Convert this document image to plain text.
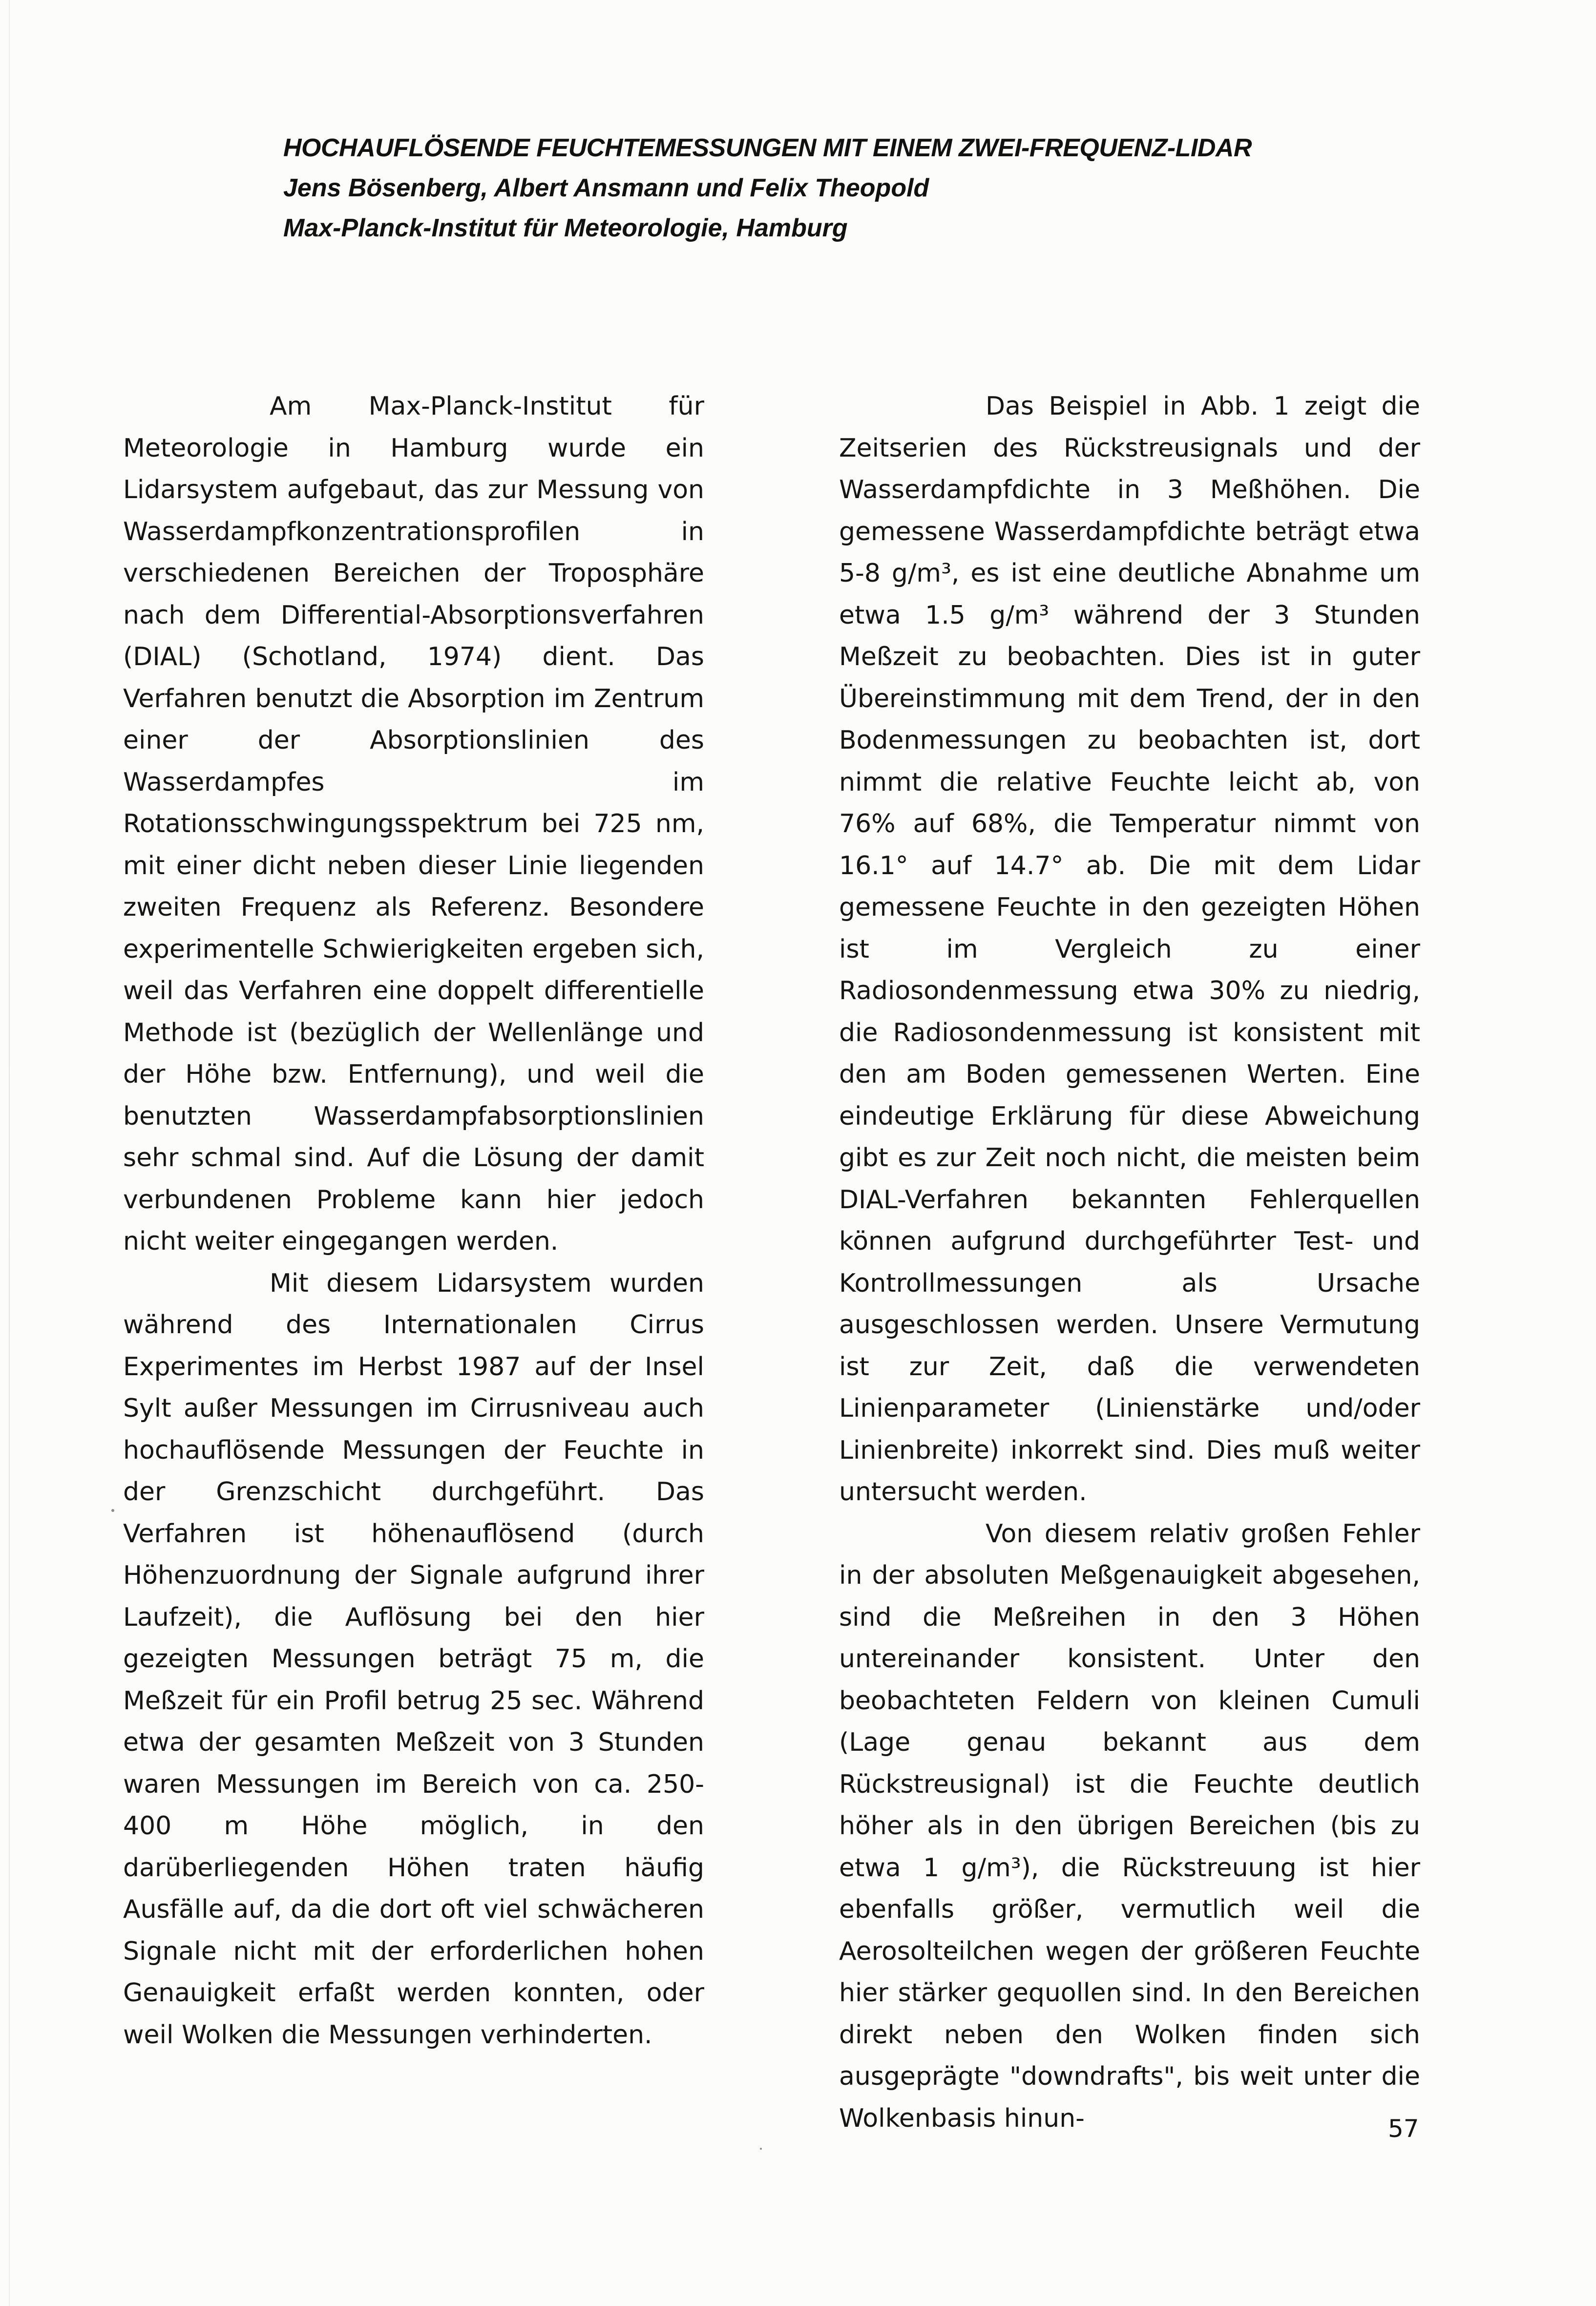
HOCHAUFLÖSENDE FEUCHTEMESSUNGEN MIT EINEM ZWEI-FREQUENZ-LIDAR
Jens Bösenberg, Albert Ansmann und Felix Theopold
Max-Planck-Institut für Meteorologie, Hamburg

Am Max-Planck-Institut für Meteorologie in Hamburg wurde ein Lidarsystem aufgebaut, das zur Messung von Wasserdampfkonzentrationsprofilen in verschiedenen Bereichen der Troposphäre nach dem Differential-Absorptionsverfahren (DIAL) (Schotland, 1974) dient. Das Verfahren benutzt die Absorption im Zentrum einer der Absorptionslinien des Wasserdampfes im Rotationsschwingungsspektrum bei 725 nm, mit einer dicht neben dieser Linie liegenden zweiten Frequenz als Referenz. Besondere experimentelle Schwierigkeiten ergeben sich, weil das Verfahren eine doppelt differentielle Methode ist (bezüglich der Wellenlänge und der Höhe bzw. Entfernung), und weil die benutzten Wasserdampfabsorptionslinien sehr schmal sind. Auf die Lösung der damit verbundenen Probleme kann hier jedoch nicht weiter eingegangen werden.

Mit diesem Lidarsystem wurden während des Internationalen Cirrus Experimentes im Herbst 1987 auf der Insel Sylt außer Messungen im Cirrusniveau auch hochauflösende Messungen der Feuchte in der Grenzschicht durchgeführt. Das Verfahren ist höhenauflösend (durch Höhenzuordnung der Signale aufgrund ihrer Laufzeit), die Auflösung bei den hier gezeigten Messungen beträgt 75 m, die Meßzeit für ein Profil betrug 25 sec. Während etwa der gesamten Meßzeit von 3 Stunden waren Messungen im Bereich von ca. 250-400 m Höhe möglich, in den darüberliegenden Höhen traten häufig Ausfälle auf, da die dort oft viel schwächeren Signale nicht mit der erforderlichen hohen Genauigkeit erfaßt werden konnten, oder weil Wolken die Messungen verhinderten.

Das Beispiel in Abb. 1 zeigt die Zeitserien des Rückstreusignals und der Wasserdampfdichte in 3 Meßhöhen. Die gemessene Wasserdampfdichte beträgt etwa 5-8 g/m³, es ist eine deutliche Abnahme um etwa 1.5 g/m³ während der 3 Stunden Meßzeit zu beobachten. Dies ist in guter Übereinstimmung mit dem Trend, der in den Bodenmessungen zu beobachten ist, dort nimmt die relative Feuchte leicht ab, von 76% auf 68%, die Temperatur nimmt von 16.1° auf 14.7° ab. Die mit dem Lidar gemessene Feuchte in den gezeigten Höhen ist im Vergleich zu einer Radiosondenmessung etwa 30% zu niedrig, die Radiosondenmessung ist konsistent mit den am Boden gemessenen Werten. Eine eindeutige Erklärung für diese Abweichung gibt es zur Zeit noch nicht, die meisten beim DIAL-Verfahren bekannten Fehlerquellen können aufgrund durchgeführter Test- und Kontrollmessungen als Ursache ausgeschlossen werden. Unsere Vermutung ist zur Zeit, daß die verwendeten Linienparameter (Linienstärke und/oder Linienbreite) inkorrekt sind. Dies muß weiter untersucht werden.

Von diesem relativ großen Fehler in der absoluten Meßgenauigkeit abgesehen, sind die Meßreihen in den 3 Höhen untereinander konsistent. Unter den beobachteten Feldern von kleinen Cumuli (Lage genau bekannt aus dem Rückstreusignal) ist die Feuchte deutlich höher als in den übrigen Bereichen (bis zu etwa 1 g/m³), die Rückstreuung ist hier ebenfalls größer, vermutlich weil die Aerosolteilchen wegen der größeren Feuchte hier stärker gequollen sind. In den Bereichen direkt neben den Wolken finden sich ausgeprägte "downdrafts", bis weit unter die Wolkenbasis hinun-	57
